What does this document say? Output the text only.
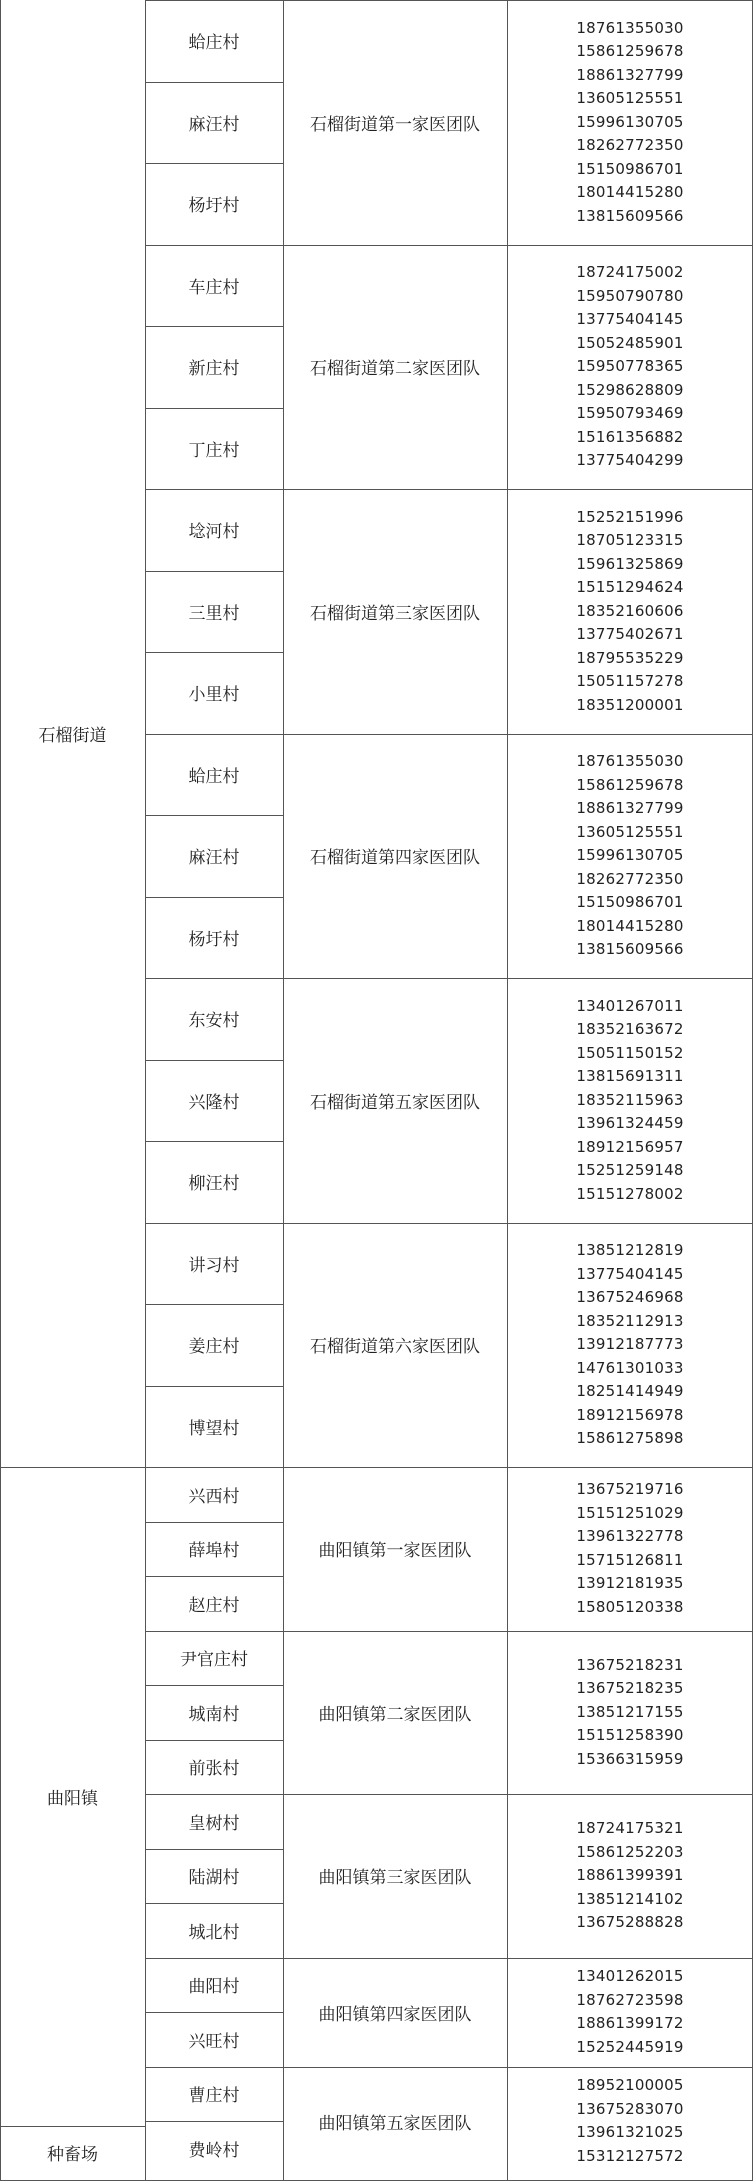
蛤庄村
麻汪村
杨圩村
石榴街道第一家医团队
18761355030
15861259678
18861327799
13605125551
15996130705
18262772350
15150986701
18014415280
13815609566
车庄村
新庄村
丁庄村
石榴街道第二家医团队
18724175002
15950790780
13775404145
15052485901
15950778365
15298628809
15950793469
15161356882
13775404299
埝河村
三里村
小里村
石榴街道第三家医团队
15252151996
18705123315
15961325869
15151294624
18352160606
13775402671
18795535229
15051157278
18351200001
蛤庄村
麻汪村
杨圩村
石榴街道第四家医团队
18761355030
15861259678
18861327799
13605125551
15996130705
18262772350
15150986701
18014415280
13815609566
东安村
兴隆村
柳汪村
石榴街道第五家医团队
13401267011
18352163672
15051150152
13815691311
18352115963
13961324459
18912156957
15251259148
15151278002
讲习村
姜庄村
博望村
石榴街道第六家医团队
13851212819
13775404145
13675246968
18352112913
13912187773
14761301033
18251414949
18912156978
15861275898
石榴街道
兴西村
薛埠村
赵庄村
曲阳镇第一家医团队
13675219716
15151251029
13961322778
15715126811
13912181935
15805120338
尹官庄村
城南村
前张村
曲阳镇第二家医团队
13675218231
13675218235
13851217155
15151258390
15366315959
皇树村
陆湖村
城北村
曲阳镇第三家医团队
18724175321
15861252203
18861399391
13851214102
13675288828
曲阳村
兴旺村
曲阳镇第四家医团队
13401262015
18762723598
18861399172
15252445919
曹庄村
费岭村
曲阳镇第五家医团队
18952100005
13675283070
13961321025
15312127572
曲阳镇
种畜场
